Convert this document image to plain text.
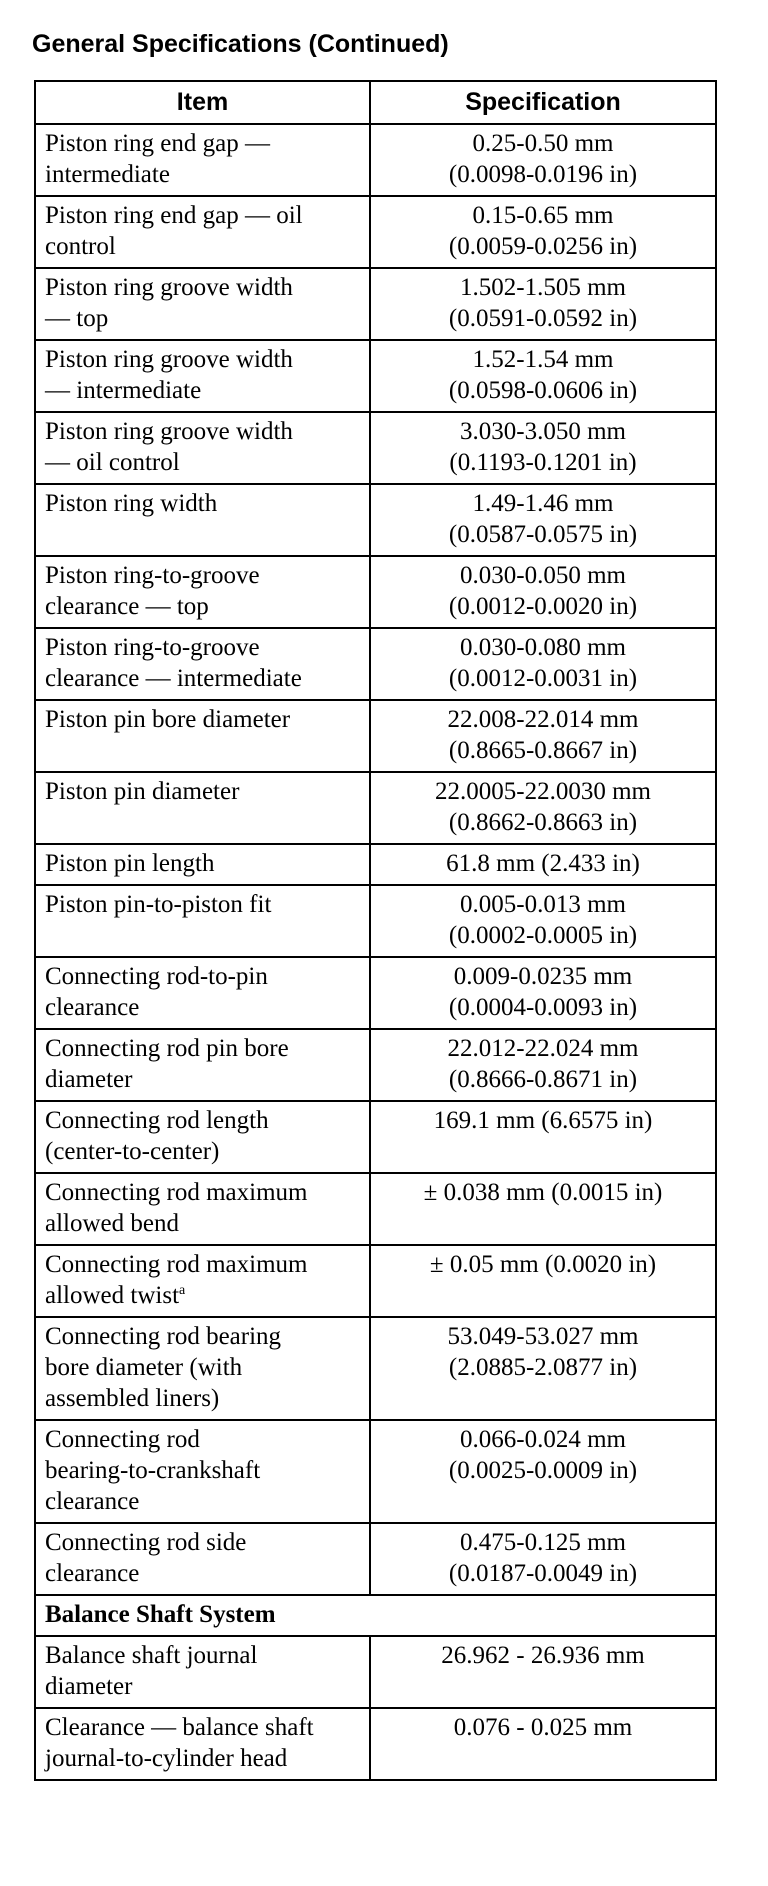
General Specifications (Continued)
Item	Specification

Piston ring end gap —
intermediate	0.25-0.50 mm
(0.0098-0.0196 in)

Piston ring end gap — oil
control	0.15-0.65 mm
(0.0059-0.0256 in)

Piston ring groove width
— top	1.502-1.505 mm
(0.0591-0.0592 in)

Piston ring groove width
— intermediate	1.52-1.54 mm
(0.0598-0.0606 in)

Piston ring groove width
— oil control	3.030-3.050 mm
(0.1193-0.1201 in)

Piston ring width	1.49-1.46 mm
(0.0587-0.0575 in)

Piston ring-to-groove
clearance — top	0.030-0.050 mm
(0.0012-0.0020 in)

Piston ring-to-groove
clearance — intermediate	0.030-0.080 mm
(0.0012-0.0031 in)

Piston pin bore diameter	22.008-22.014 mm
(0.8665-0.8667 in)

Piston pin diameter	22.0005-22.0030 mm
(0.8662-0.8663 in)

Piston pin length	61.8 mm (2.433 in)

Piston pin-to-piston fit	0.005-0.013 mm
(0.0002-0.0005 in)

Connecting rod-to-pin
clearance	0.009-0.0235 mm
(0.0004-0.0093 in)

Connecting rod pin bore
diameter	22.012-22.024 mm
(0.8666-0.8671 in)

Connecting rod length
(center-to-center)	169.1 mm (6.6575 in)

Connecting rod maximum
allowed bend	± 0.038 mm (0.0015 in)

Connecting rod maximum
allowed twist$^a$	± 0.05 mm (0.0020 in)

Connecting rod bearing
bore diameter (with
assembled liners)	53.049-53.027 mm
(2.0885-2.0877 in)

Connecting rod
bearing-to-crankshaft
clearance	0.066-0.024 mm
(0.0025-0.0009 in)

Connecting rod side
clearance	0.475-0.125 mm
(0.0187-0.0049 in)

Balance Shaft System	

Balance shaft journal
diameter	26.962 - 26.936 mm

Clearance — balance shaft
journal-to-cylinder head	0.076 - 0.025 mm
